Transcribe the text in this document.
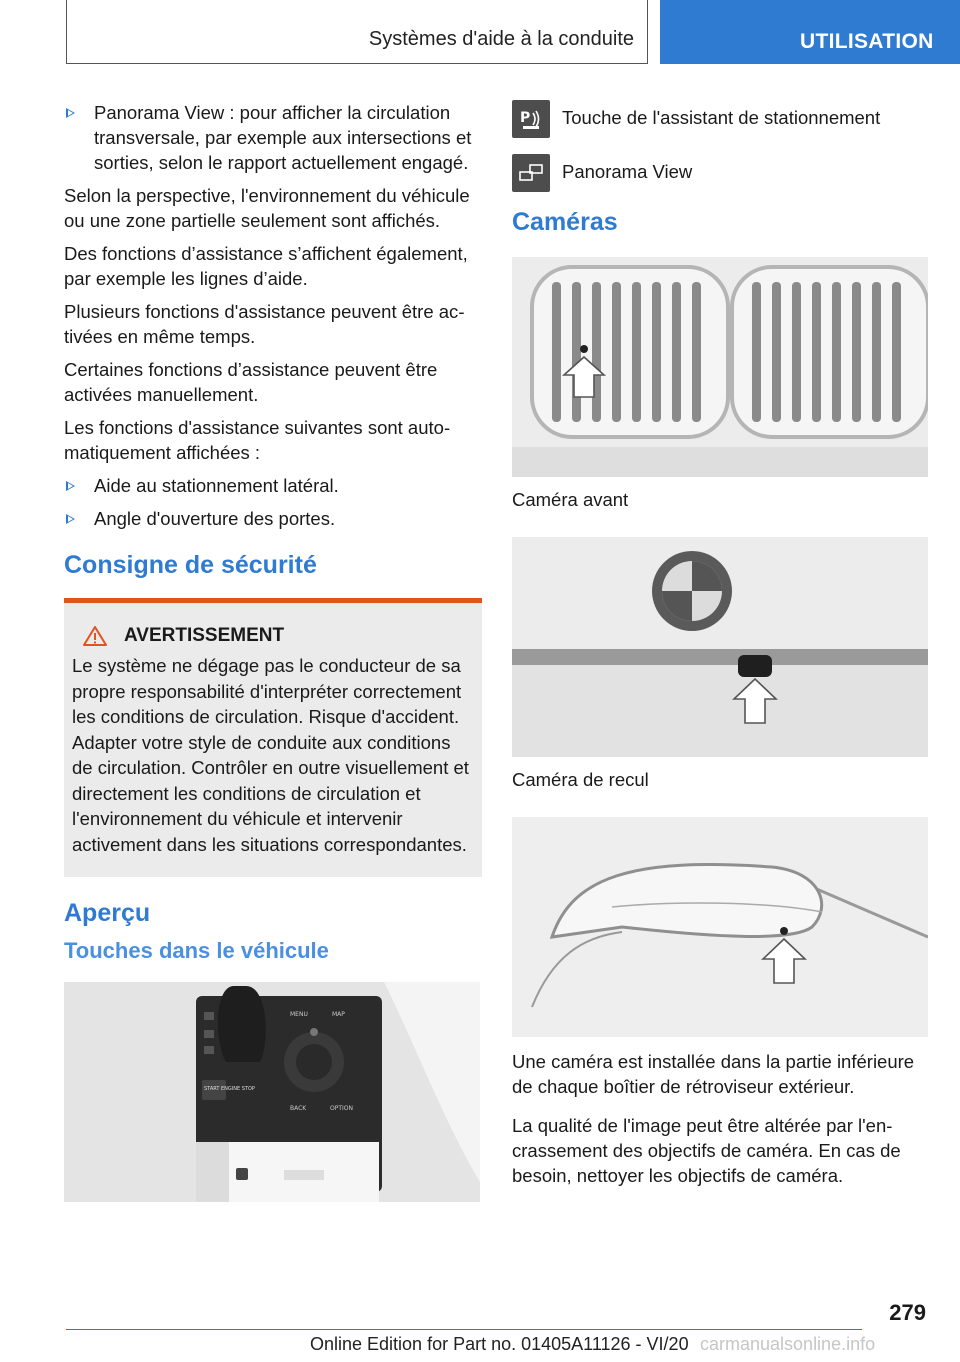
Systèmes d'aide à la conduite	UTILISATION
Panorama View : pour afficher la circulation transversale, par exemple aux intersections et sorties, selon le rapport actuellement engagé.

Selon la perspective, l'environnement du véhicule ou une zone partielle seulement sont affichés.

Des fonctions d’assistance s’affichent également, par exemple les lignes d’aide.

Plusieurs fonctions d'assistance peuvent être activées en même temps.

Certaines fonctions d’assistance peuvent être activées manuellement.

Les fonctions d'assistance suivantes sont automatiquement affichées :

Aide au stationnement latéral.
Angle d'ouverture des portes.
Consigne de sécurité
AVERTISSEMENT

Le système ne dégage pas le conducteur de sa propre responsabilité d'interpréter correctement les conditions de circulation. Risque d'accident. Adapter votre style de conduite aux conditions de circulation. Contrôler en outre visuellement et directement les conditions de circulation et l'environnement du véhicule et intervenir activement dans les situations correspondantes.

Aperçu
Touches dans le véhicule
MENU	MAP
BACK	OPTION
START ENGINE STOP
P Touche de l'assistant de stationnement
Panorama View
Caméras
Caméra avant
Caméra de recul

Une caméra est installée dans la partie inférieure de chaque boîtier de rétroviseur extérieur.

La qualité de l'image peut être altérée par l'encrassement des objectifs de caméra. En cas de besoin, nettoyer les objectifs de caméra.

279
Online Edition for Part no. 01405A11126 - VI/20 carmanualsonline.info
